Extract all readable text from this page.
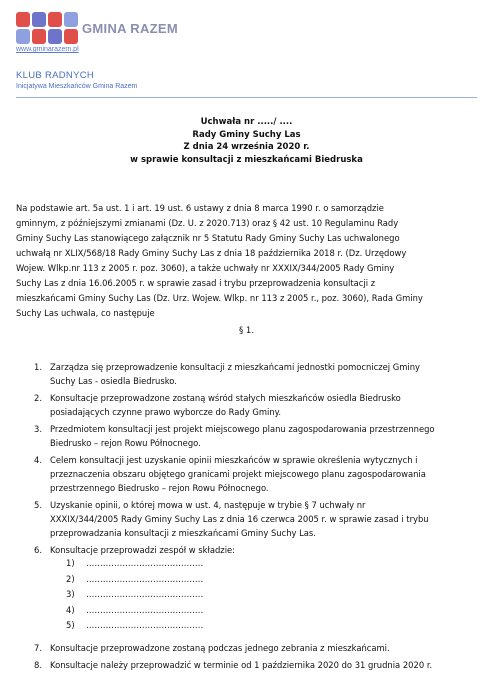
GMINA RAZEM
www.gminarazem.pl
KLUB RADNYCH
Inicjatywa Mieszkańców Gmina Razem
Uchwała nr ...../ ....
Rady Gminy Suchy Las
Z dnia 24 września 2020 r.
w sprawie konsultacji z mieszkańcami Biedruska
Na podstawie art. 5a ust. 1 i art. 19 ust. 6 ustawy z dnia 8 marca 1990 r. o samorządzie
gminnym, z późniejszymi zmianami (Dz. U. z 2020.713) oraz § 42 ust. 10 Regulaminu Rady
Gminy Suchy Las stanowiącego załącznik nr 5 Statutu Rady Gminy Suchy Las uchwalonego
uchwałą nr XLIX/568/18 Rady Gminy Suchy Las z dnia 18 października 2018 r. (Dz. Urzędowy
Wojew. Wlkp.nr 113 z 2005 r. poz. 3060), a także uchwały nr XXXIX/344/2005 Rady Gminy
Suchy Las z dnia 16.06.2005 r. w sprawie zasad i trybu przeprowadzenia konsultacji z
mieszkańcami Gminy Suchy Las (Dz. Urz. Wojew. Wlkp. nr 113 z 2005 r., poz. 3060), Rada Gminy
Suchy Las uchwala, co następuje
§ 1.
1. Zarządza się przeprowadzenie konsultacji z mieszkańcami jednostki pomocniczej Gminy
Suchy Las - osiedla Biedrusko.
2. Konsultacje przeprowadzone zostaną wśród stałych mieszkańców osiedla Biedrusko
posiadających czynne prawo wyborcze do Rady Gminy.
3. Przedmiotem konsultacji jest projekt miejscowego planu zagospodarowania przestrzennego
Biedrusko – rejon Rowu Północnego.
4. Celem konsultacji jest uzyskanie opinii mieszkańców w sprawie określenia wytycznych i
przeznaczenia obszaru objętego granicami projekt miejscowego planu zagospodarowania
przestrzennego Biedrusko – rejon Rowu Północnego.
5. Uzyskanie opinii, o której mowa w ust. 4, następuje w trybie § 7 uchwały nr
XXXIX/344/2005 Rady Gminy Suchy Las z dnia 16 czerwca 2005 r. w sprawie zasad i trybu
przeprowadzania konsultacji z mieszkańcami Gminy Suchy Las.
6. Konsultacje przeprowadzi zespół w składzie:
1)	……………………………………
2)	……………………………………
3)	……………………………………
4)	……………………………………
5)	……………………………………
7. Konsultacje przeprowadzone zostaną podczas jednego zebrania z mieszkańcami.
8. Konsultacje należy przeprowadzić w terminie od 1 października 2020 do 31 grudnia 2020 r.
